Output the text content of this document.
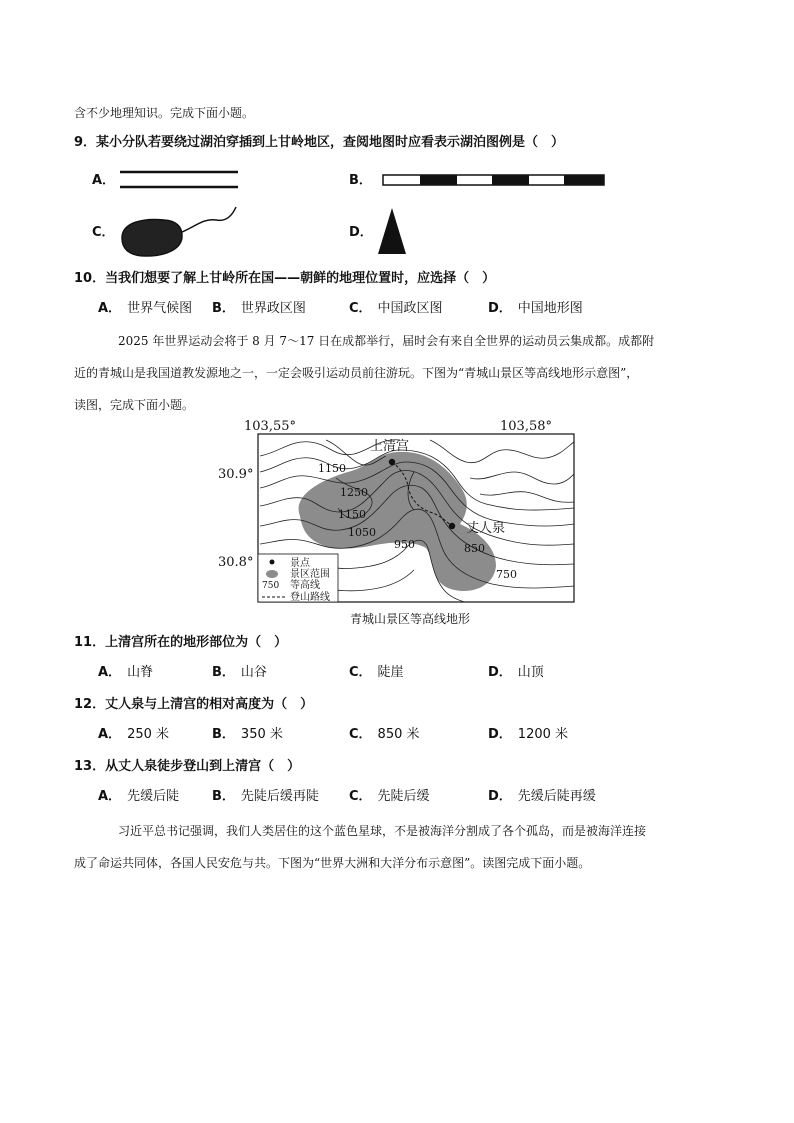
含不少地理知识。完成下面小题。
9．某小分队若要绕过湖泊穿插到上甘岭地区，查阅地图时应看表示湖泊图例是（　）
A．	B．
C．	D．
10．当我们想要了解上甘岭所在国——朝鲜的地理位置时，应选择（　）
A． 世界气候图 B． 世界政区图	C． 中国政区图	D． 中国地形图
2025 年世界运动会将于 8 月 7～17 日在成都举行，届时会有来自全世界的运动员云集成都。成都附
近的青城山是我国道教发源地之一，一定会吸引运动员前往游玩。下图为“青城山景区等高线地形示意图”，
读图，完成下面小题。
103,55°	103,58°
30.9°
30.8°
上清宫
丈人泉
1150
1250
1150
1050
950	850
750
景点
景区范围
750 等高线
登山路线
青城山景区等高线地形
11．上清宫所在的地形部位为（　）
A． 山脊	B． 山谷	C． 陡崖	D． 山顶
12．丈人泉与上清宫的相对高度为（　）
A． 250 米	B． 350 米	C． 850 米	D． 1200 米
13．从丈人泉徒步登山到上清宫（　）
A． 先缓后陡	B． 先陡后缓再陡 C． 先陡后缓	D． 先缓后陡再缓
习近平总书记强调，我们人类居住的这个蓝色星球，不是被海洋分割成了各个孤岛，而是被海洋连接
成了命运共同体，各国人民安危与共。下图为“世界大洲和大洋分布示意图”。读图完成下面小题。
